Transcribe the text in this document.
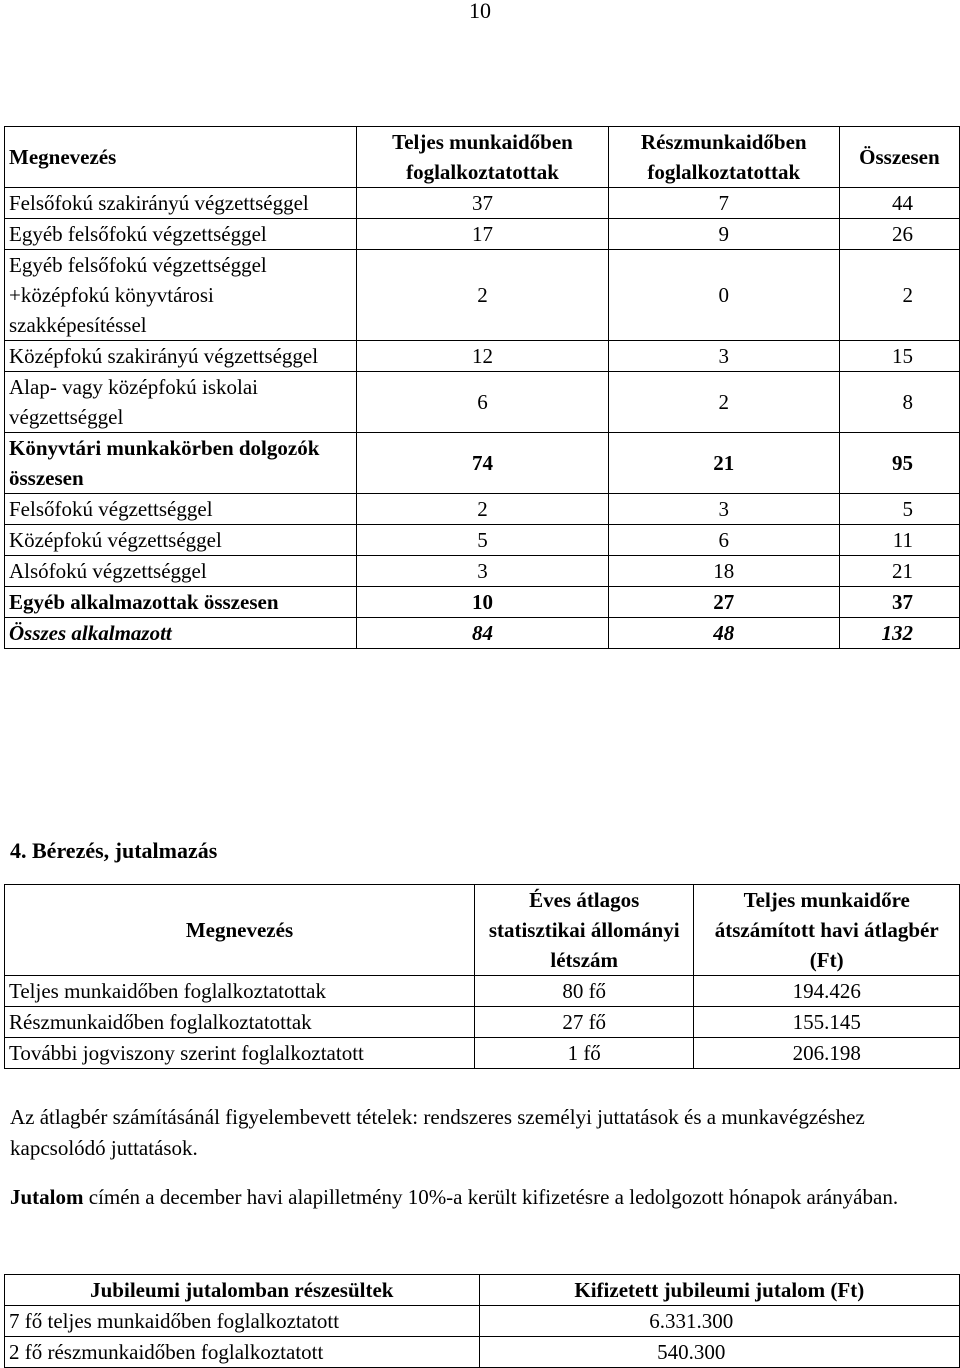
10
Megnevezés	Teljes munkaidőben foglalkoztatottak	Részmunkaidőben foglalkoztatottak	Összesen
Felsőfokú szakirányú végzettséggel	37	7	44
Egyéb felsőfokú végzettséggel	17	9	26
Egyéb felsőfokú végzettséggel +középfokú könyvtárosi szakképesítéssel	2	0	2
Középfokú szakirányú végzettséggel	12	3	15
Alap- vagy középfokú iskolai végzettséggel	6	2	8
Könyvtári munkakörben dolgozók összesen	74	21	95
Felsőfokú végzettséggel	2	3	5
Középfokú végzettséggel	5	6	11
Alsófokú végzettséggel	3	18	21
Egyéb alkalmazottak összesen	10	27	37
Összes alkalmazott	84	48	132
4. Bérezés, jutalmazás
Megnevezés	Éves átlagos statisztikai állományi létszám	Teljes munkaidőre átszámított havi átlagbér (Ft)
Teljes munkaidőben foglalkoztatottak	80 fő	194.426
Részmunkaidőben foglalkoztatottak	27 fő	155.145
További jogviszony szerint foglalkoztatott	1 fő	206.198
Az átlagbér számításánál figyelembevett tételek: rendszeres személyi juttatások és a munkavégzéshez kapcsolódó juttatások.
Jutalom címén a december havi alapilletmény 10%-a került kifizetésre a ledolgozott hónapok arányában.
Jubileumi jutalomban részesültek	Kifizetett jubileumi jutalom (Ft)
7 fő teljes munkaidőben foglalkoztatott	6.331.300
2 fő részmunkaidőben foglalkoztatott	540.300
